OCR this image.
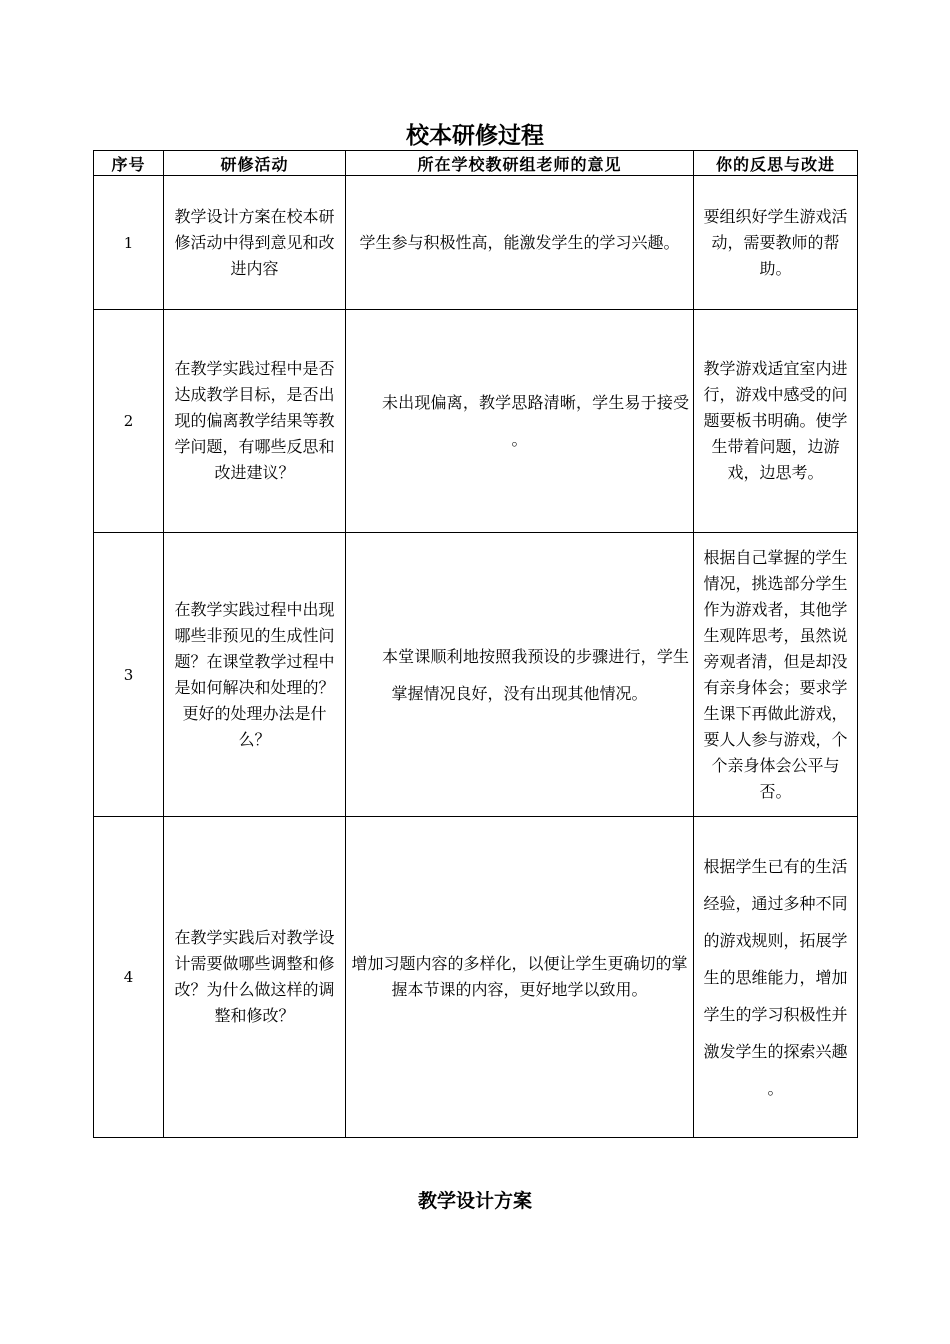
校本研修过程
序号	研修活动	所在学校教研组老师的意见	你的反思与改进
1	教学设计方案在校本研修活动中得到意见和改进内容	学生参与积极性高，能激发学生的学习兴趣。	要组织好学生游戏活动，需要教师的帮助。
2	在教学实践过程中是否达成教学目标，是否出现的偏离教学结果等教学问题，有哪些反思和改进建议？	未出现偏离，教学思路清晰，学生易于接受 。	教学游戏适宜室内进行，游戏中感受的问题要板书明确。使学生带着问题，边游戏，边思考。
3	在教学实践过程中出现哪些非预见的生成性问题？在课堂教学过程中是如何解决和处理的？更好的处理办法是什么？	本堂课顺利地按照我预设的步骤进行，学生掌握情况良好，没有出现其他情况。	根据自己掌握的学生情况，挑选部分学生作为游戏者，其他学生观阵思考，虽然说旁观者清，但是却没有亲身体会；要求学生课下再做此游戏，要人人参与游戏，个个亲身体会公平与否。
4	在教学实践后对教学设计需要做哪些调整和修改？为什么做这样的调整和修改？	增加习题内容的多样化，以便让学生更确切的掌握本节课的内容，更好地学以致用。	根据学生已有的生活经验，通过多种不同的游戏规则，拓展学生的思维能力，增加学生的学习积极性并激发学生的探索兴趣 。
教学设计方案
